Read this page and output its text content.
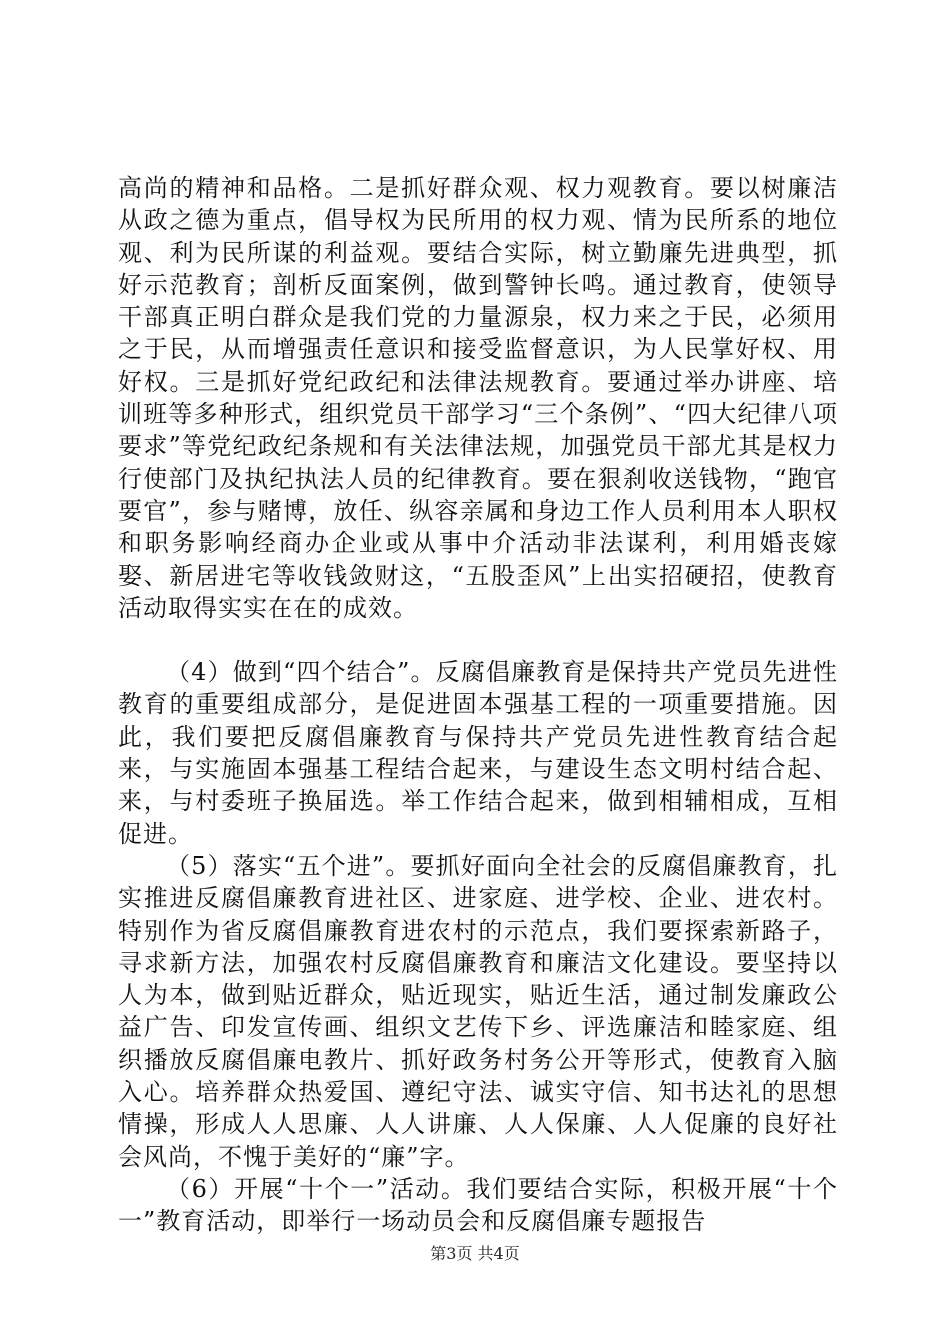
高尚的精神和品格。二是抓好群众观、权力观教育。要以树廉洁从政之德为重点，倡导权为民所用的权力观、情为民所系的地位观、利为民所谋的利益观。要结合实际，树立勤廉先进典型，抓好示范教育；剖析反面案例，做到警钟长鸣。通过教育，使领导干部真正明白群众是我们党的力量源泉，权力来之于民，必须用之于民，从而增强责任意识和接受监督意识，为人民掌好权、用好权。三是抓好党纪政纪和法律法规教育。要通过举办讲座、培训班等多种形式，组织党员干部学习“三个条例”、“四大纪律八项要求”等党纪政纪条规和有关法律法规，加强党员干部尤其是权力行使部门及执纪执法人员的纪律教育。要在狠刹收送钱物，“跑官要官”，参与赌博，放任、纵容亲属和身边工作人员利用本人职权和职务影响经商办企业或从事中介活动非法谋利，利用婚丧嫁娶、新居进宅等收钱敛财这，“五股歪风”上出实招硬招，使教育活动取得实实在在的成效。

（4）做到“四个结合”。反腐倡廉教育是保持共产党员先进性教育的重要组成部分，是促进固本强基工程的一项重要措施。因此，我们要把反腐倡廉教育与保持共产党员先进性教育结合起来，与实施固本强基工程结合起来，与建设生态文明村结合起、来，与村委班子换届选。举工作结合起来，做到相辅相成，互相促进。

（5）落实“五个进”。要抓好面向全社会的反腐倡廉教育，扎实推进反腐倡廉教育进社区、进家庭、进学校、企业、进农村。特别作为省反腐倡廉教育进农村的示范点，我们要探索新路子，寻求新方法，加强农村反腐倡廉教育和廉洁文化建设。要坚持以人为本，做到贴近群众，贴近现实，贴近生活，通过制发廉政公益广告、印发宣传画、组织文艺传下乡、评选廉洁和睦家庭、组织播放反腐倡廉电教片、抓好政务村务公开等形式，使教育入脑入心。培养群众热爱国、遵纪守法、诚实守信、知书达礼的思想情操，形成人人思廉、人人讲廉、人人保廉、人人促廉的良好社会风尚，不愧于美好的“廉”字。

（6）开展“十个一”活动。我们要结合实际，积极开展“十个一”教育活动，即举行一场动员会和反腐倡廉专题报告

第3页 共4页
